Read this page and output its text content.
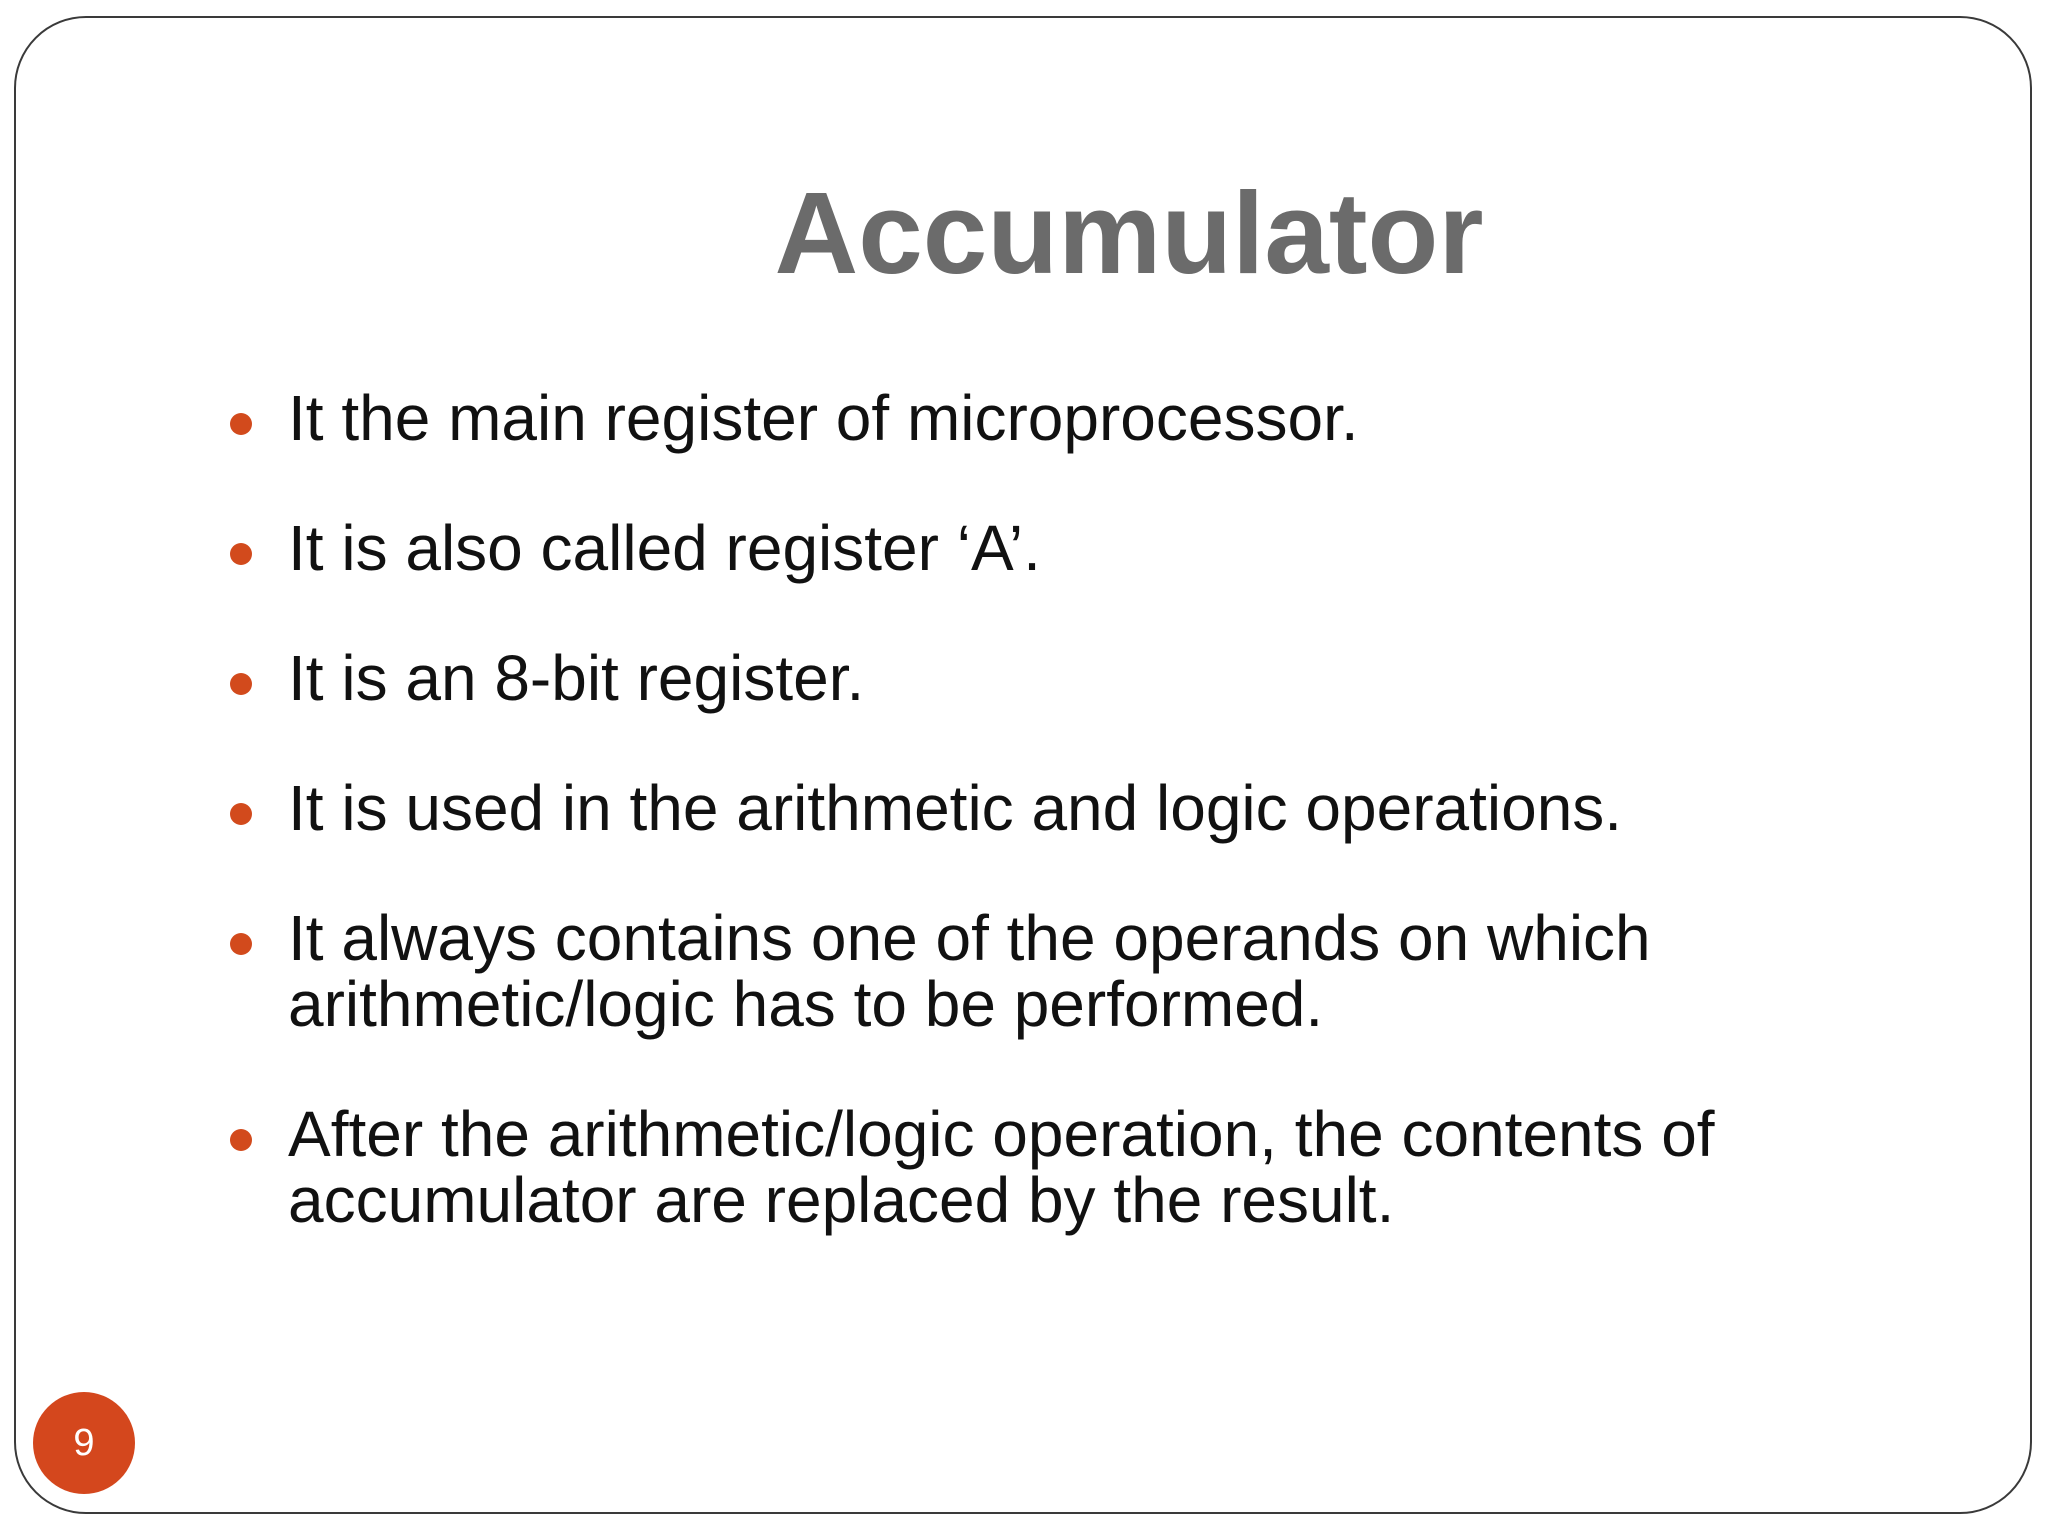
Accumulator
It the main register of microprocessor.
It is also called register ‘A’.
It is an 8-bit register.
It is used in the arithmetic and logic operations.
It always contains one of the operands on which arithmetic/logic has to be performed.
After the arithmetic/logic operation, the contents of accumulator are replaced by the result.
9
